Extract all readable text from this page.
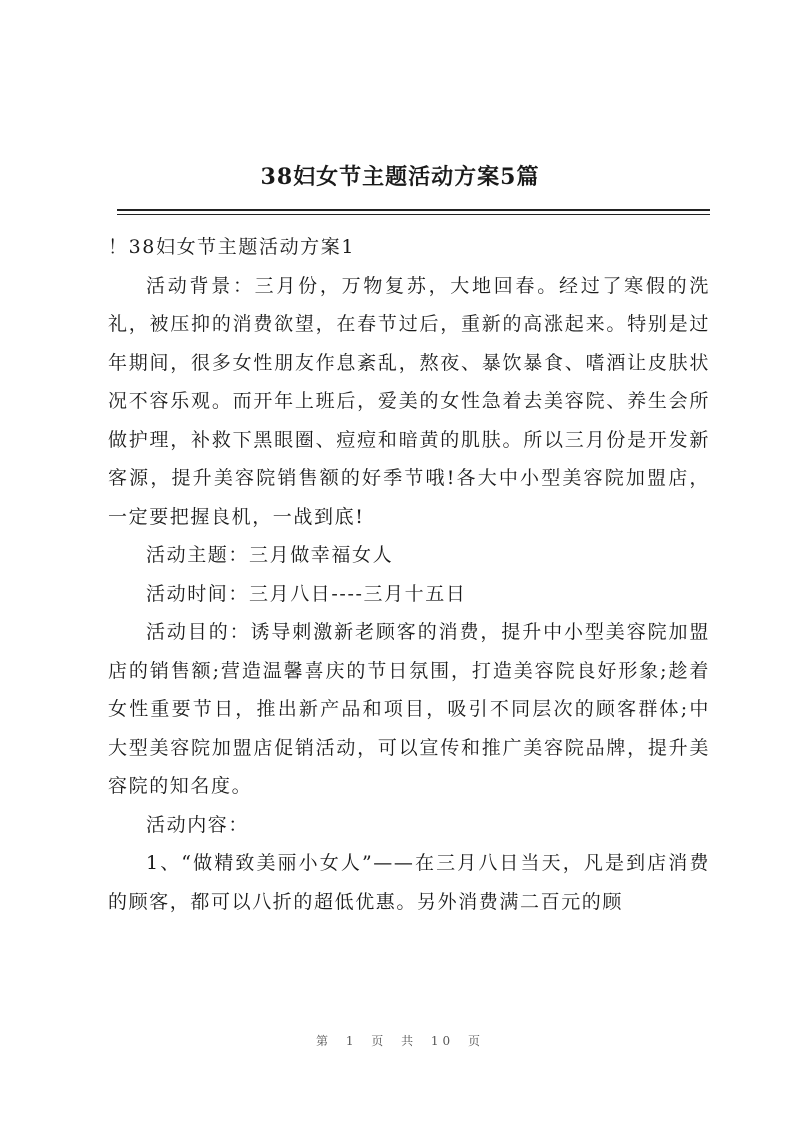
38妇女节主题活动方案5篇

！38妇女节主题活动方案1

活动背景：三月份，万物复苏，大地回春。经过了寒假的洗礼，被压抑的消费欲望，在春节过后，重新的高涨起来。特别是过年期间，很多女性朋友作息紊乱，熬夜、暴饮暴食、嗜酒让皮肤状况不容乐观。而开年上班后，爱美的女性急着去美容院、养生会所做护理，补救下黑眼圈、痘痘和暗黄的肌肤。所以三月份是开发新客源，提升美容院销售额的好季节哦!各大中小型美容院加盟店，一定要把握良机，一战到底!

活动主题：三月做幸福女人

活动时间：三月八日----三月十五日

活动目的：诱导刺激新老顾客的消费，提升中小型美容院加盟店的销售额;营造温馨喜庆的节日氛围，打造美容院良好形象;趁着女性重要节日，推出新产品和项目，吸引不同层次的顾客群体;中大型美容院加盟店促销活动，可以宣传和推广美容院品牌，提升美容院的知名度。

活动内容：

1、“做精致美丽小女人”——在三月八日当天，凡是到店消费的顾客，都可以八折的超低优惠。另外消费满二百元的顾

第 1 页 共 10 页
